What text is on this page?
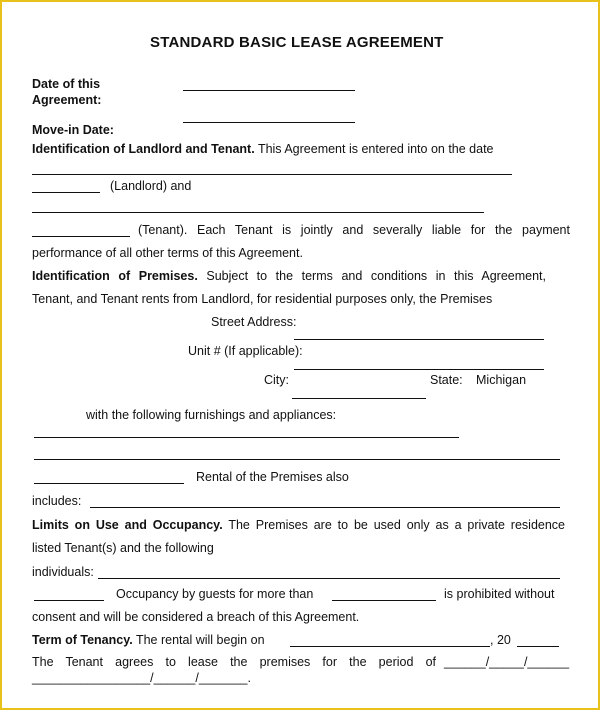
STANDARD BASIC LEASE AGREEMENT
Date of this
Agreement:
Move-in Date:
Identification of Landlord and Tenant. This Agreement is entered into on the date
(Landlord) and
(Tenant). Each Tenant is jointly and severally liable for the payment
performance of all other terms of this Agreement.
Identification of Premises. Subject to the terms and conditions in this Agreement,
Tenant, and Tenant rents from Landlord, for residential purposes only, the Premises
Street Address:
Unit # (If applicable):
City:	State: Michigan
with the following furnishings and appliances:
Rental of the Premises also
includes:
Limits on Use and Occupancy. The Premises are to be used only as a private residence
listed Tenant(s) and the following
individuals:
Occupancy by guests for more than	is prohibited without
consent and will be considered a breach of this Agreement.
Term of Tenancy. The rental will begin on	, 20
The Tenant agrees to lease the premises for the period of ______/_____/______
_________________/______/_______.
